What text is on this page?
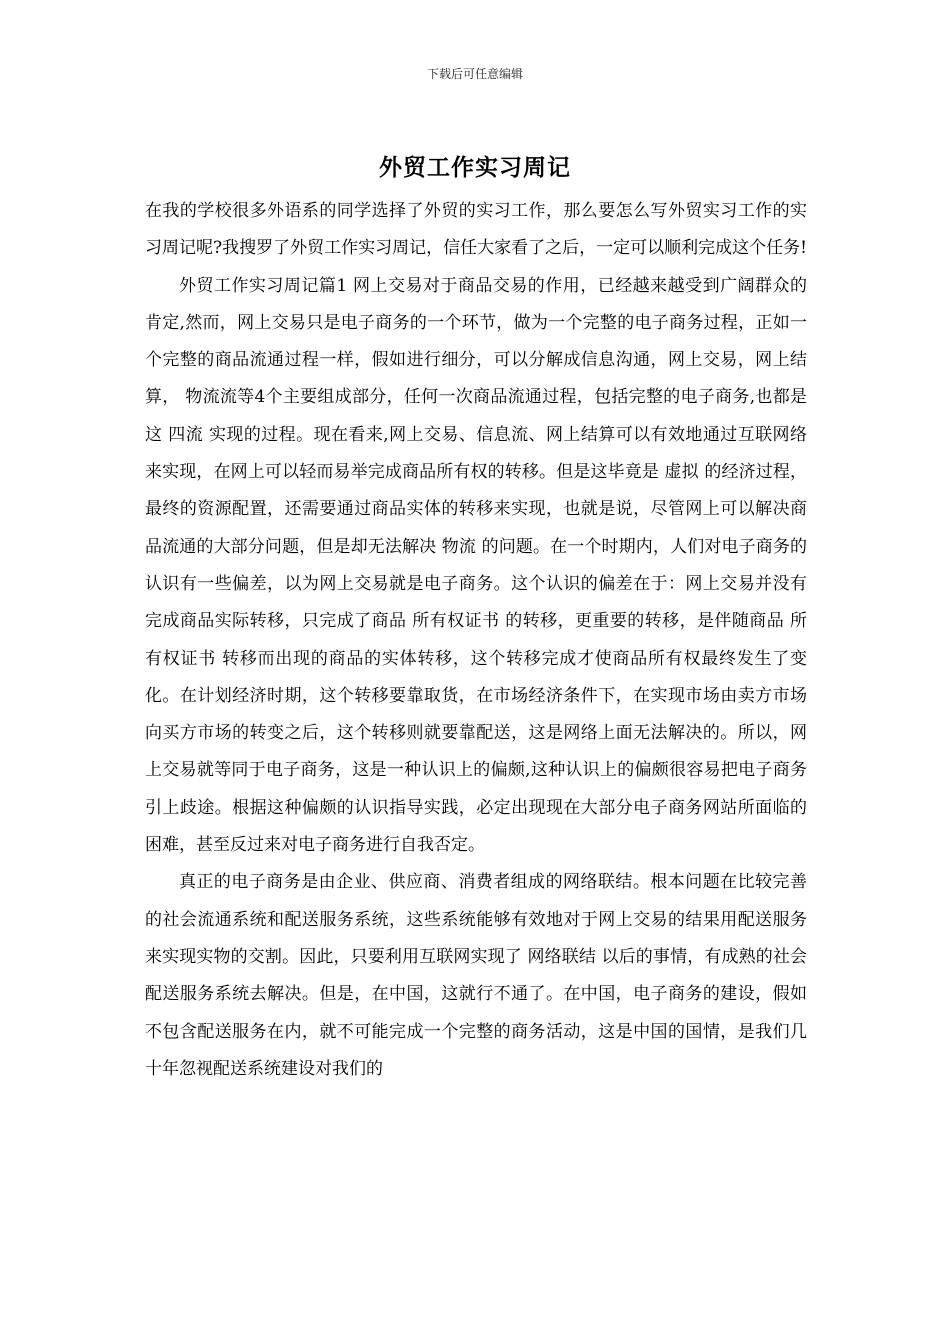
下载后可任意编辑
外贸工作实习周记

在我的学校很多外语系的同学选择了外贸的实习工作，那么要怎么写外贸实习工作的实习周记呢?我搜罗了外贸工作实习周记，信任大家看了之后，一定可以顺利完成这个任务!

外贸工作实习周记篇1 网上交易对于商品交易的作用，已经越来越受到广阔群众的肯定,然而，网上交易只是电子商务的一个环节，做为一个完整的电子商务过程，正如一个完整的商品流通过程一样，假如进行细分，可以分解成信息沟通，网上交易，网上结算， 物流流等4个主要组成部分，任何一次商品流通过程，包括完整的电子商务,也都是这 四流 实现的过程。现在看来,网上交易、信息流、网上结算可以有效地通过互联网络来实现，在网上可以轻而易举完成商品所有权的转移。但是这毕竟是 虚拟 的经济过程，最终的资源配置，还需要通过商品实体的转移来实现，也就是说，尽管网上可以解决商品流通的大部分问题，但是却无法解决 物流 的问题。在一个时期内，人们对电子商务的认识有一些偏差，以为网上交易就是电子商务。这个认识的偏差在于：网上交易并没有完成商品实际转移，只完成了商品 所有权证书 的转移，更重要的转移，是伴随商品 所有权证书 转移而出现的商品的实体转移，这个转移完成才使商品所有权最终发生了变化。在计划经济时期，这个转移要靠取货，在市场经济条件下，在实现市场由卖方市场向买方市场的转变之后，这个转移则就要靠配送，这是网络上面无法解决的。所以，网上交易就等同于电子商务，这是一种认识上的偏颇,这种认识上的偏颇很容易把电子商务引上歧途。根据这种偏颇的认识指导实践，必定出现现在大部分电子商务网站所面临的困难，甚至反过来对电子商务进行自我否定。

真正的电子商务是由企业、供应商、消费者组成的网络联结。根本问题在比较完善的社会流通系统和配送服务系统，这些系统能够有效地对于网上交易的结果用配送服务来实现实物的交割。因此，只要利用互联网实现了 网络联结 以后的事情，有成熟的社会配送服务系统去解决。但是，在中国，这就行不通了。在中国，电子商务的建设，假如不包含配送服务在内，就不可能完成一个完整的商务活动，这是中国的国情，是我们几十年忽视配送系统建设对我们的
